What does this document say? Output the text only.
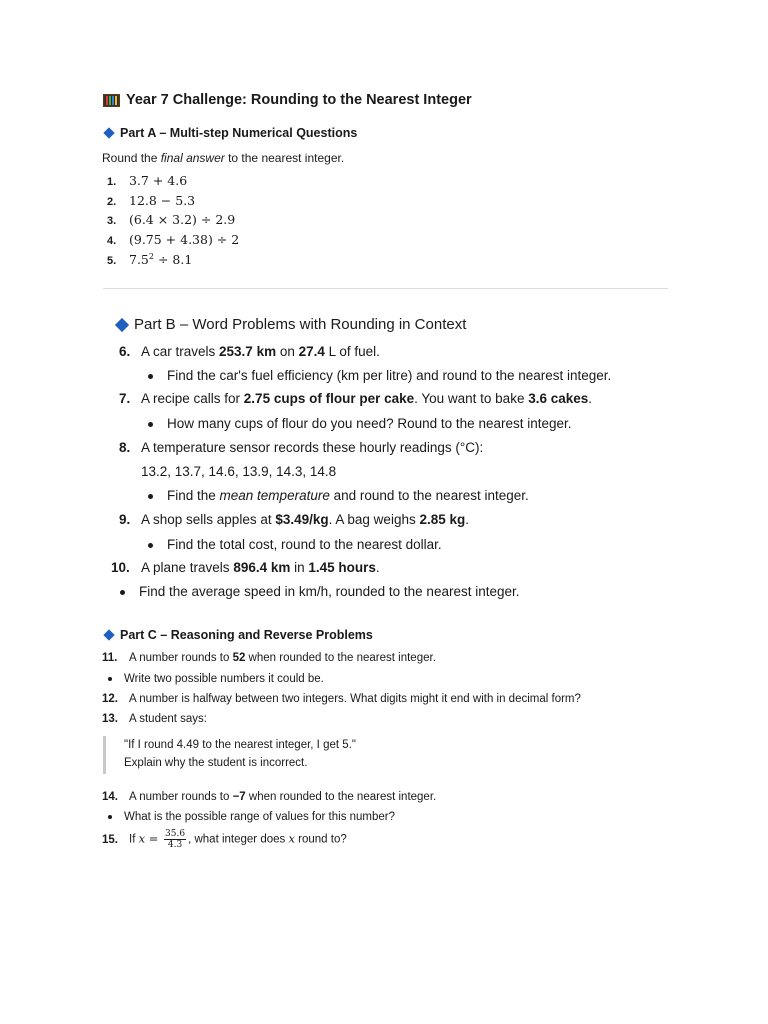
Year 7 Challenge: Rounding to the Nearest Integer
Part A – Multi-step Numerical Questions
Round the final answer to the nearest integer.
1. 3.7 + 4.6
2. 12.8 − 5.3
3. (6.4 × 3.2) ÷ 2.9
4. (9.75 + 4.38) ÷ 2
5. $7.5^2 \div 8.1$
Part B – Word Problems with Rounding in Context
6. A car travels 253.7 km on 27.4 L of fuel.
Find the car's fuel efficiency (km per litre) and round to the nearest integer.
7. A recipe calls for 2.75 cups of flour per cake. You want to bake 3.6 cakes.
How many cups of flour do you need? Round to the nearest integer.
8. A temperature sensor records these hourly readings (°C):
13.2, 13.7, 14.6, 13.9, 14.3, 14.8
Find the mean temperature and round to the nearest integer.
9. A shop sells apples at $3.49/kg. A bag weighs 2.85 kg.
Find the total cost, round to the nearest dollar.
10. A plane travels 896.4 km in 1.45 hours.
Find the average speed in km/h, rounded to the nearest integer.
Part C – Reasoning and Reverse Problems
11. A number rounds to 52 when rounded to the nearest integer.
Write two possible numbers it could be.
12. A number is halfway between two integers. What digits might it end with in decimal form?
13. A student says:
"If I round 4.49 to the nearest integer, I get 5."
Explain why the student is incorrect.
14. A number rounds to −7 when rounded to the nearest integer.
What is the possible range of values for this number?
15. If $x = \frac{35.6}{4.3}$ , what integer does x round to?
